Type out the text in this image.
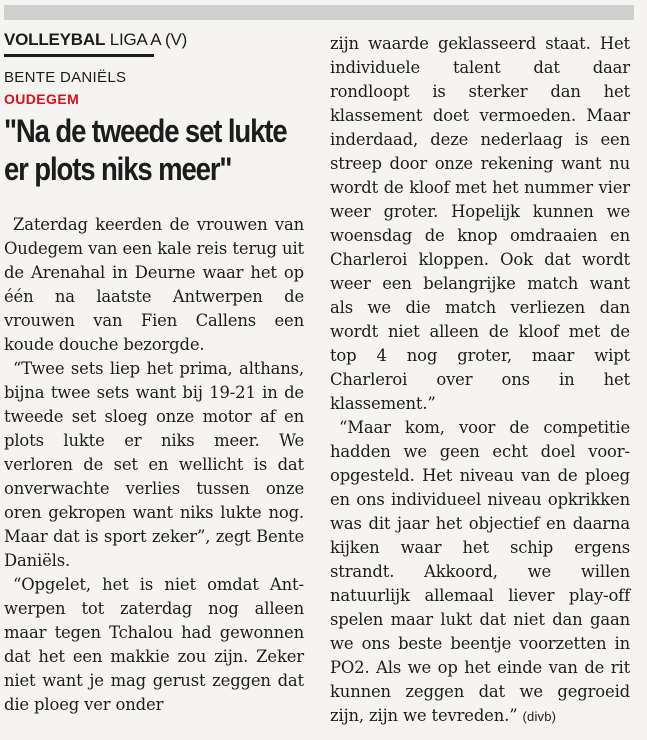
VOLLEYBAL LIGA A (V)
BENTE DANIËLS
OUDEGEM
"Na de tweede set lukte
er plots niks meer"

Zaterdag keerden de vrouwen van Oudegem van een kale reis terug uit de Arenahal in Deurne waar het op één na laatste Antwerpen de vrouwen van Fien Callens een koude douche bezorgde.

“Twee sets liep het prima, althans, bijna twee sets want bij 19-21 in de tweede set sloeg onze motor af en plots lukte er niks meer. We verloren de set en wellicht is dat onverwachte verlies tussen onze oren gekropen want niks lukte nog. Maar dat is sport zeker”, zegt Bente Daniëls.

“Opgelet, het is niet omdat Antwerpen tot zaterdag nog alleen maar tegen Tchalou had gewonnen dat het een makkie zou zijn. Zeker niet want je mag gerust zeggen dat die ploeg ver onder

zijn waarde geklasseerd staat. Het individuele talent dat daar rondloopt is sterker dan het klassement doet vermoeden. Maar inderdaad, deze nederlaag is een streep door onze rekening want nu wordt de kloof met het nummer vier weer groter. Hopelijk kunnen we woensdag de knop omdraaien en Charleroi kloppen. Ook dat wordt weer een belangrijke match want als we die match verliezen dan wordt niet alleen de kloof met de top 4 nog groter, maar wipt Charleroi over ons in het klassement.”

“Maar kom, voor de competitie hadden we geen echt doel vooropgesteld. Het niveau van de ploeg en ons individueel niveau opkrikken was dit jaar het objectief en daarna kijken waar het schip ergens strandt. Akkoord, we willen natuurlijk allemaal liever play-off spelen maar lukt dat niet dan gaan we ons beste beentje voorzetten in PO2. Als we op het einde van de rit kunnen zeggen dat we gegroeid zijn, zijn we tevreden.” (divb)
